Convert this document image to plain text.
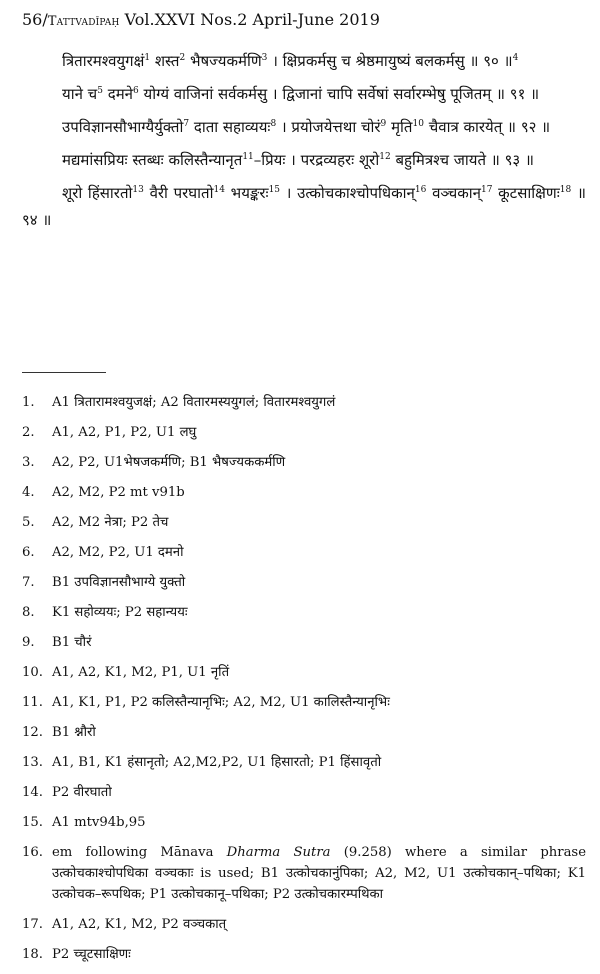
56/Tattvadīpaḥ Vol.XXVI Nos.2 April-June 2019

त्रितारमश्वयुगक्षं$^1$ शस्त$^2$ भैषज्यकर्मणि$^3$ । क्षिप्रकर्मसु च श्रेष्ठमायुष्यं बलकर्मसु ॥ ९० ॥$^4$

याने च$^5$ दमने$^6$ योग्यं वाजिनां सर्वकर्मसु । द्विजानां चापि सर्वेषां सर्वारम्भेषु पूजितम् ॥ ९१ ॥

उपविज्ञानसौभाग्यैर्युक्तो$^7$ दाता सहाव्ययः$^8$ । प्रयोजयेत्तथा चोरं$^9$ मृति$^{10}$ चैवात्र कारयेत् ॥ ९२ ॥

मद्यमांसप्रियः स्तब्धः कलिस्तैन्यानृत$^{11}$–प्रियः । परद्रव्यहरः शूरो$^{12}$ बहुमित्रश्च जायते ॥ ९३ ॥

शूरो हिंसारतो$^{13}$ वैरी परघातो$^{14}$ भयङ्करः$^{15}$ । उत्कोचकाश्चोपधिकान्$^{16}$ वञ्चकान्$^{17}$ कूटसाक्षिणः$^{18}$ ॥ ९४ ॥

1.	A1 त्रितारामश्वयुजक्षं; A2 वितारमस्ययुगलं; वितारमश्वयुगलं
2.	A1, A2, P1, P2, U1 लघु
3.	A2, P2, U1भेषजकर्मणि; B1 भैषज्यककर्मणि
4.	A2, M2, P2 mt v91b
5.	A2, M2 नेत्रा; P2 तेच
6.	A2, M2, P2, U1 दमनो
7.	B1 उपविज्ञानसौभाग्ये युक्तो
8.	K1 सहोव्ययः; P2 सहान्ययः
9.	B1 चौरं
10. A1, A2, K1, M2, P1, U1 नृतिं
11. A1, K1, P1, P2 कलिस्तैन्यानृभिः; A2, M2, U1 कालिस्तैन्यानृभिः
12. B1 श्नौरो
13. A1, B1, K1 हंसानृतो; A2,M2,P2, U1 हिसारतो; P1 हिंसावृतो
14. P2 वीरघातो
15. A1 mtv94b,95
16. em following Mānava Dharma Sutra (9.258) where a similar phrase उत्कोचकाश्चोपधिका वञ्चकाः is used; B1 उत्कोचकानुंपिका; A2, M2, U1 उत्कोचकान्–पथिका; K1 उत्कोचक–रूपथिक; P1 उत्कोचकानू–पथिका; P2 उत्कोचकारम्पथिका
17. A1, A2, K1, M2, P2 वञ्चकात्
18. P2 च्चूटसाक्षिणः
